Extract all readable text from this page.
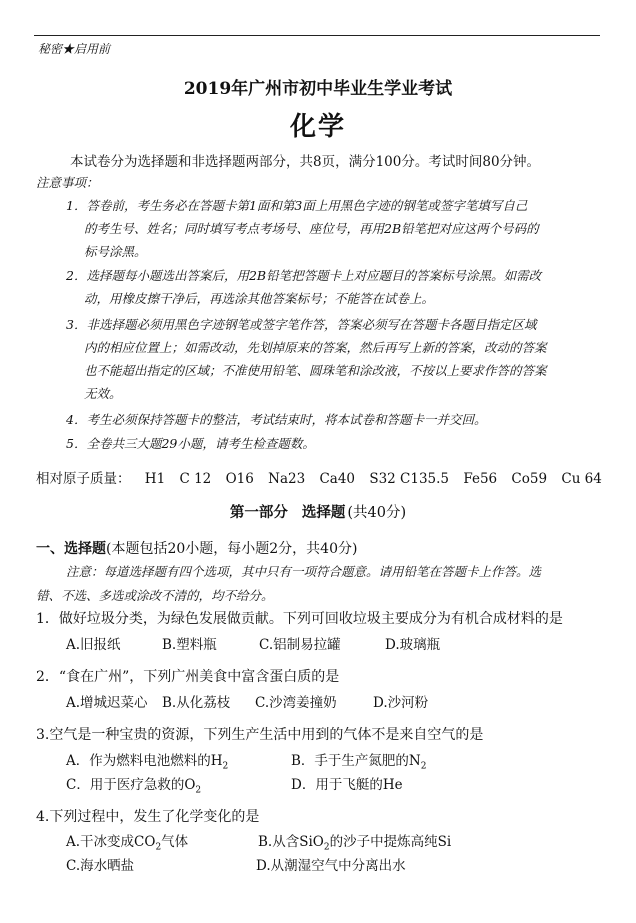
秘密★启用前
2019年广州市初中毕业生学业考试
化学
本试卷分为选择题和非选择题两部分，共8页，满分100分。考试时间80分钟。
注意事项：
1．答卷前，考生务必在答题卡第1面和第3面上用黑色字迹的钢笔或签字笔填写自己
的考生号、姓名；同时填写考点考场号、座位号，再用2B铅笔把对应这两个号码的
标号涂黑。
2．选择题每小题选出答案后，用2B铅笔把答题卡上对应题目的答案标号涂黑。如需改
动，用橡皮擦干净后，再选涂其他答案标号；不能答在试卷上。
3．非选择题必须用黑色字迹钢笔或签字笔作答，答案必须写在答题卡各题目指定区域
内的相应位置上；如需改动，先划掉原来的答案，然后再写上新的答案，改动的答案
也不能超出指定的区域；不准使用铅笔、圆珠笔和涂改液，不按以上要求作答的答案
无效。
4．考生必须保持答题卡的整洁，考试结束时，将本试卷和答题卡一并交回。
5．全卷共三大题29小题，请考生检查题数。
相对原子质量： H1 C 12 O16 Na23 Ca40 S32 C135.5 Fe56 Co59 Cu 64
第一部分 选择题 (共40分)
一、选择题(本题包括20小题，每小题2分，共40分)
注意：每道选择题有四个选项，其中只有一项符合题意。请用铅笔在答题卡上作答。选
错、不选、多选或涂改不清的，均不给分。
1．做好垃圾分类，为绿色发展做贡献。下列可回收垃圾主要成分为有机合成材料的是
A.旧报纸	B.塑料瓶	C.铝制易拉罐	D.玻璃瓶
2．“食在广州”，下列广州美食中富含蛋白质的是
A.增城迟菜心 B.从化荔枝 C.沙湾姜撞奶	D.沙河粉
3.空气是一种宝贵的资源，下列生产生活中用到的气体不是来自空气的是
A．作为燃料电池燃料的$H_2$	B．手于生产氮肥的$N_2$
C．用于医疗急救的$O_2$	D．用于飞艇的He
4.下列过程中，发生了化学变化的是
A.干冰变成$CO_2$气体	B.从含SiO$_2$的沙子中提炼高纯Si
C.海水晒盐	D.从潮湿空气中分离出水
